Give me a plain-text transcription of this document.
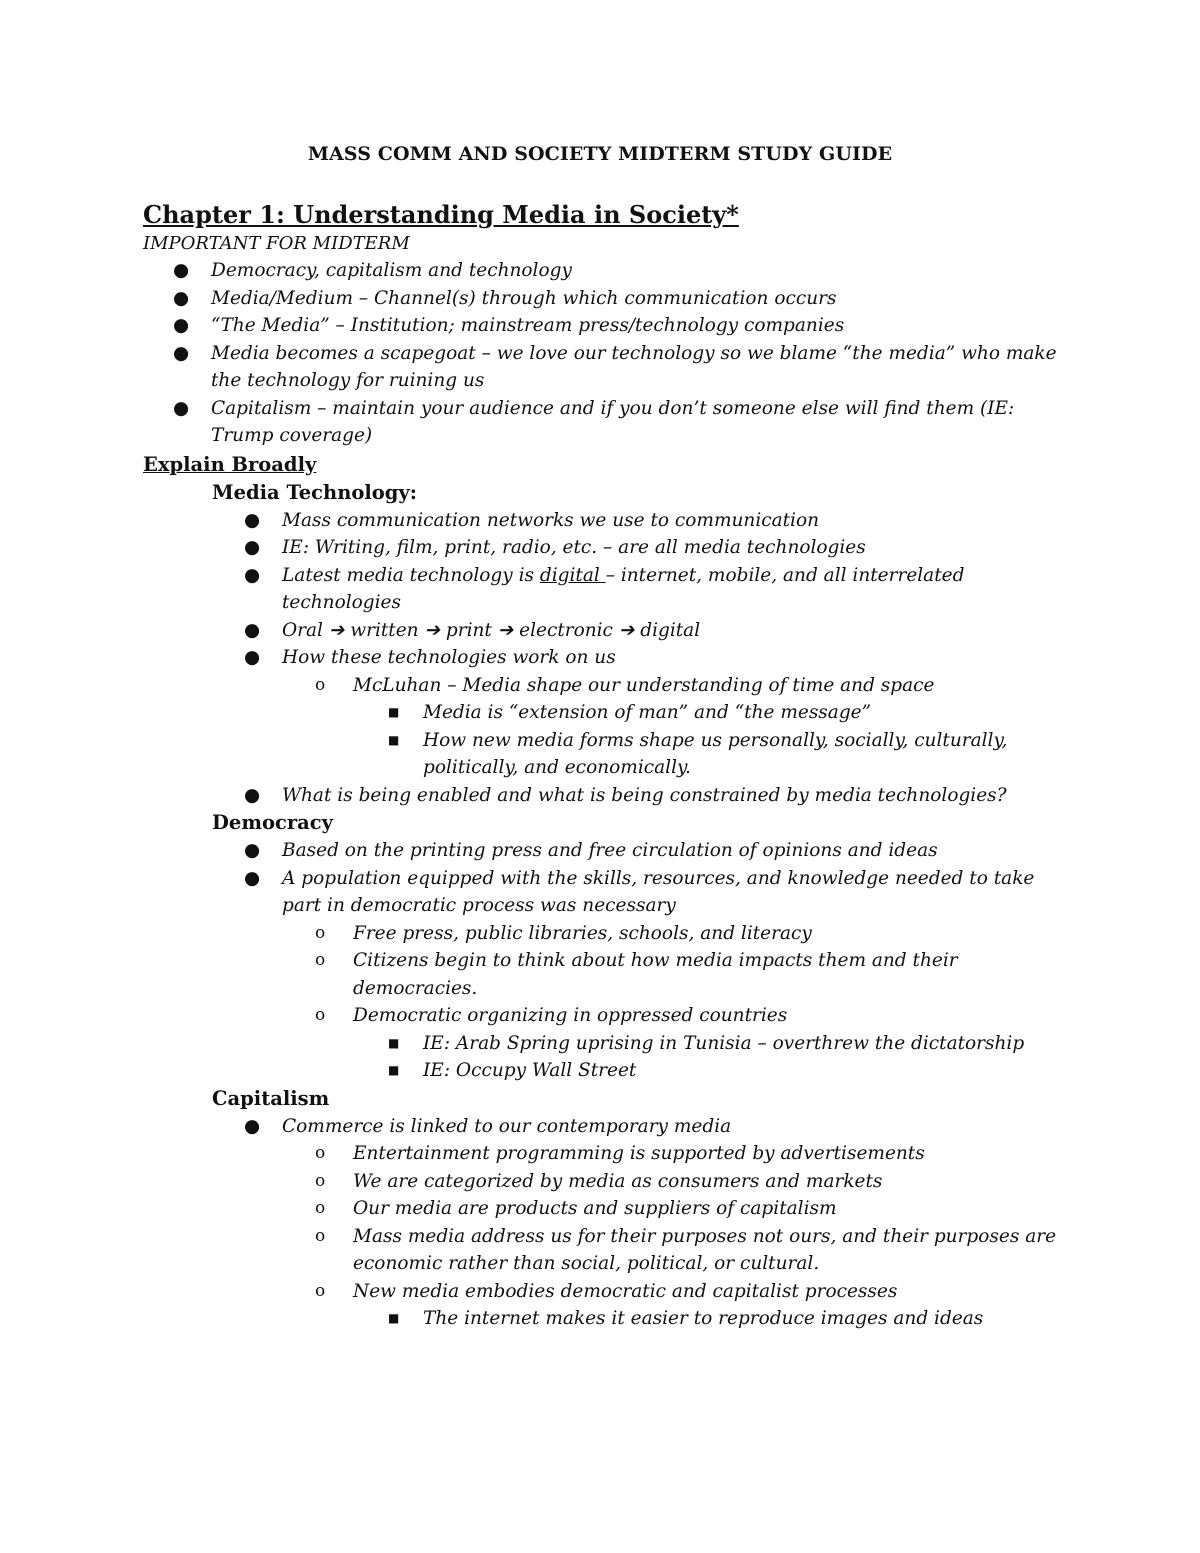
MASS COMM AND SOCIETY MIDTERM STUDY GUIDE
Chapter 1: Understanding Media in Society*
IMPORTANT FOR MIDTERM
● Democracy, capitalism and technology
● Media/Medium – Channel(s) through which communication occurs
● “The Media” – Institution; mainstream press/technology companies
● Media becomes a scapegoat – we love our technology so we blame “the media” who make the technology for ruining us
● Capitalism – maintain your audience and if you don’t someone else will find them (IE: Trump coverage)
Explain Broadly
Media Technology:
● Mass communication networks we use to communication
● IE: Writing, film, print, radio, etc. – are all media technologies
● Latest media technology is digital – internet, mobile, and all interrelated technologies
● Oral ➔ written ➔ print ➔ electronic ➔ digital
● How these technologies work on us
o McLuhan – Media shape our understanding of time and space
■ Media is “extension of man” and “the message”
■ How new media forms shape us personally, socially, culturally, politically, and economically.
● What is being enabled and what is being constrained by media technologies?
Democracy
● Based on the printing press and free circulation of opinions and ideas
● A population equipped with the skills, resources, and knowledge needed to take part in democratic process was necessary
o Free press, public libraries, schools, and literacy
o Citizens begin to think about how media impacts them and their democracies.
o Democratic organizing in oppressed countries
■ IE: Arab Spring uprising in Tunisia – overthrew the dictatorship
■ IE: Occupy Wall Street
Capitalism
● Commerce is linked to our contemporary media
o Entertainment programming is supported by advertisements
o We are categorized by media as consumers and markets
o Our media are products and suppliers of capitalism
o Mass media address us for their purposes not ours, and their purposes are economic rather than social, political, or cultural.
o New media embodies democratic and capitalist processes
■ The internet makes it easier to reproduce images and ideas
